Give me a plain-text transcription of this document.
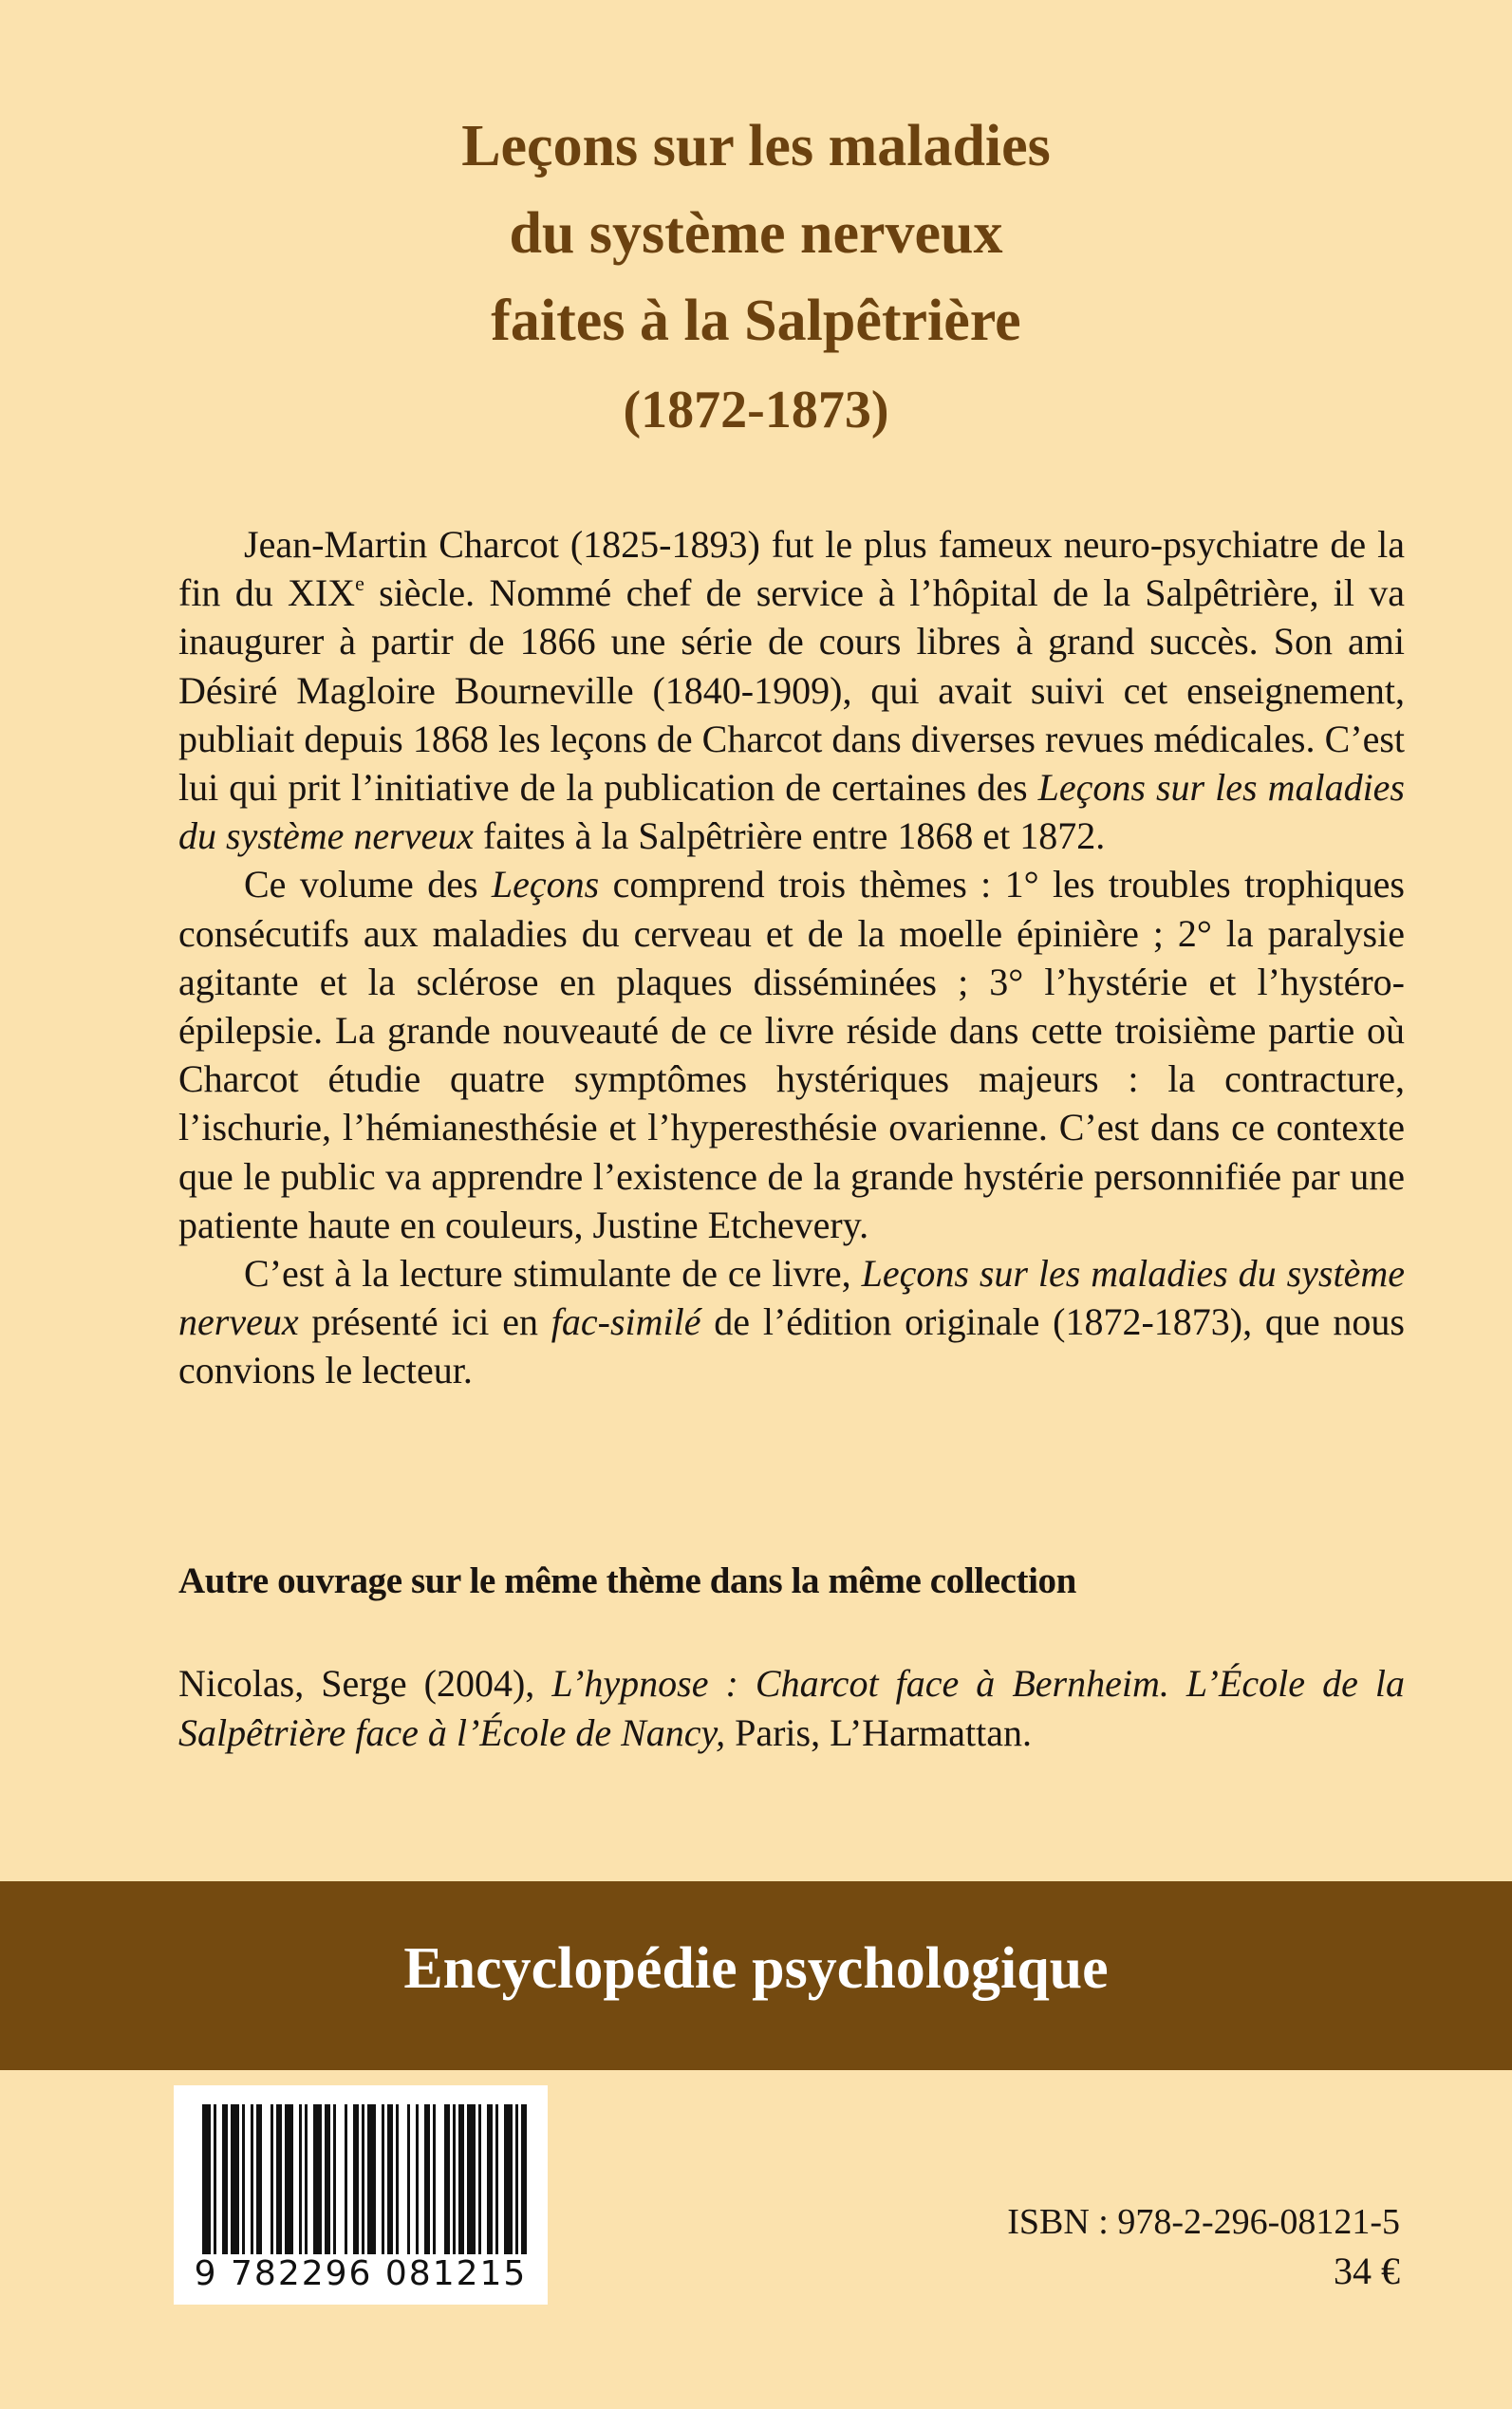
Leçons sur les maladies
du système nerveux
faites à la Salpêtrière
(1872-1873)

Jean-Martin Charcot (1825-1893) fut le plus fameux neuro-psychiatre de la fin du XIXe siècle. Nommé chef de service à l’hôpital de la Salpêtrière, il va inaugurer à partir de 1866 une série de cours libres à grand succès. Son ami Désiré Magloire Bourneville (1840-1909), qui avait suivi cet enseignement, publiait depuis 1868 les leçons de Charcot dans diverses revues médicales. C’est lui qui prit l’initiative de la publication de certaines des Leçons sur les maladies du système nerveux faites à la Salpêtrière entre 1868 et 1872.

Ce volume des Leçons comprend trois thèmes : 1° les troubles trophiques consécutifs aux maladies du cerveau et de la moelle épinière ; 2° la paralysie agitante et la sclérose en plaques disséminées ; 3° l’hystérie et l’hystéro-épilepsie. La grande nouveauté de ce livre réside dans cette troisième partie où Charcot étudie quatre symptômes hystériques majeurs : la contracture, l’ischurie, l’hémianesthésie et l’hyperesthésie ovarienne. C’est dans ce contexte que le public va apprendre l’existence de la grande hystérie personnifiée par une patiente haute en couleurs, Justine Etchevery.

C’est à la lecture stimulante de ce livre, Leçons sur les maladies du système nerveux présenté ici en fac-similé de l’édition originale (1872-1873), que nous convions le lecteur.

Autre ouvrage sur le même thème dans la même collection
Nicolas, Serge (2004), L’hypnose : Charcot face à Bernheim. L’École de la Salpêtrière face à l’École de Nancy, Paris, L’Harmattan.
Encyclopédie psychologique
9 782296 081215
ISBN : 978-2-296-08121-5
34 €
